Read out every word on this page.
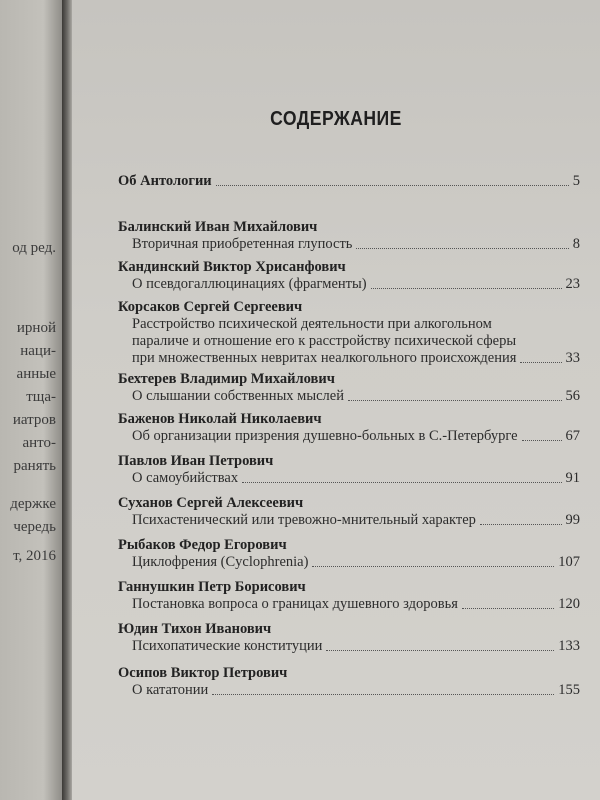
од ред.
ирной
наци-
анные
тща-
иатров
анто-
ранять
держке
чередь
т, 2016
СОДЕРЖАНИЕ
Об Антологии	5
Балинский Иван Михайлович
Вторичная приобретенная глупость	8
Кандинский Виктор Хрисанфович
О псевдогаллюцинациях (фрагменты)	23
Корсаков Сергей Сергеевич
Расстройство психической деятельности при алкогольном
параличе и отношение его к расстройству психической сферы
при множественных невритах неалкогольного происхождения	33
Бехтерев Владимир Михайлович
О слышании собственных мыслей	56
Баженов Николай Николаевич
Об организации призрения душевно-больных в С.-Петербурге	67
Павлов Иван Петрович
О самоубийствах	91
Суханов Сергей Алексеевич
Психастенический или тревожно-мнительный характер	99
Рыбаков Федор Егорович
Циклофрения (Cyclophrenia)	107
Ганнушкин Петр Борисович
Постановка вопроса о границах душевного здоровья	120
Юдин Тихон Иванович
Психопатические конституции	133
Осипов Виктор Петрович
О кататонии	155
